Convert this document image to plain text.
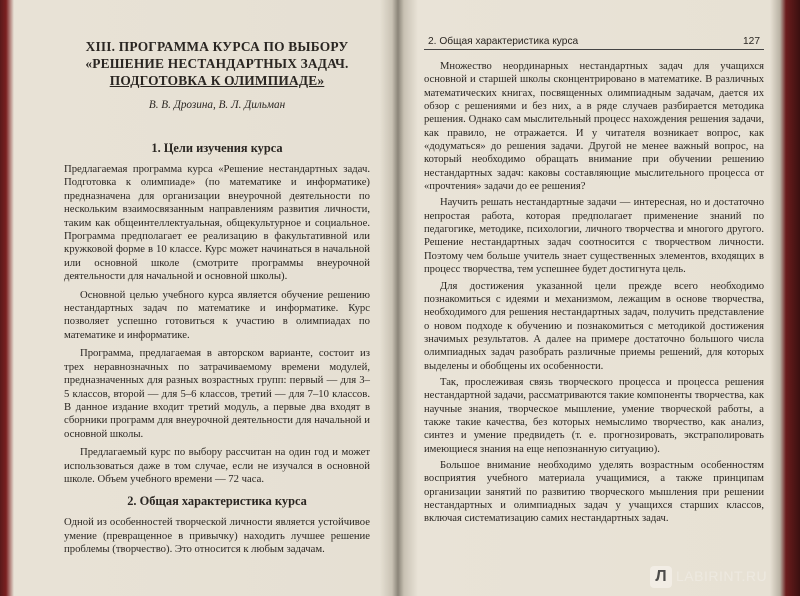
XIII. ПРОГРАММА КУРСА ПО ВЫБОРУ
«РЕШЕНИЕ НЕСТАНДАРТНЫХ ЗАДАЧ.
ПОДГОТОВКА К ОЛИМПИАДЕ»
В. В. Дрозина, В. Л. Дильман
1. Цели изучения курса

Предлагаемая программа курса «Решение нестандартных задач. Подготовка к олимпиаде» (по математике и информатике) предназначена для организации внеурочной деятельности по нескольким взаимосвязанным направлениям развития личности, таким как общеинтеллектуальная, общекультурное и социальное. Программа предполагает ее реализацию в факультативной или кружковой форме в 10 классе. Курс может начинаться в начальной или основной школе (смотрите программы внеурочной деятельности для начальной и основной школы).

Основной целью учебного курса является обучение решению нестандартных задач по математике и информатике. Курс позволяет успешно готовиться к участию в олимпиадах по математике и информатике.

Программа, предлагаемая в авторском варианте, состоит из трех неравнозначных по затрачиваемому времени модулей, предназначенных для разных возрастных групп: первый — для 3–5 классов, второй — для 5–6 классов, третий — для 7–10 классов. В данное издание входит третий модуль, а первые два входят в сборники программ для внеурочной деятельности для начальной и основной школы.

Предлагаемый курс по выбору рассчитан на один год и может использоваться даже в том случае, если не изучался в основной школе. Объем учебного времени — 72 часа.

2. Общая характеристика курса

Одной из особенностей творческой личности является устойчивое умение (превращенное в привычку) находить лучшее решение проблемы (творчество). Это относится к любым задачам.

2. Общая характеристика курса	127

Множество неординарных нестандартных задач для учащихся основной и старшей школы сконцентрировано в математике. В различных математических книгах, посвященных олимпиадным задачам, дается их обзор с решениями и без них, а в ряде случаев разбирается методика решения. Однако сам мыслительный процесс нахождения решения задачи, как правило, не отражается. И у читателя возникает вопрос, как «додуматься» до решения задачи. Другой не менее важный вопрос, на который необходимо обращать внимание при обучении решению нестандартных задач: каковы составляющие мыслительного процесса от «прочтения» задачи до ее решения?

Научить решать нестандартные задачи — интересная, но и достаточно непростая работа, которая предполагает применение знаний по педагогике, методике, психологии, личного творчества и многого другого. Решение нестандартных задач соотносится с творчеством личности. Поэтому чем больше учитель знает существенных элементов, входящих в процесс творчества, тем успешнее будет достигнута цель.

Для достижения указанной цели прежде всего необходимо познакомиться с идеями и механизмом, лежащим в основе творчества, необходимого для решения нестандартных задач, получить представление о новом подходе к обучению и познакомиться с методикой достижения значимых результатов. А далее на примере достаточно большого числа олимпиадных задач разобрать различные приемы решений, для которых выделены и обобщены их особенности.

Так, прослеживая связь творческого процесса и процесса решения нестандартной задачи, рассматриваются такие компоненты творчества, как научные знания, творческое мышление, умение творческой работы, а также такие качества, без которых немыслимо творчество, как анализ, синтез и умение предвидеть (т. е. прогнозировать, экстраполировать имеющиеся знания на еще непознанную ситуацию).

Большое внимание необходимо уделять возрастным особенностям восприятия учебного материала учащимися, а также принципам организации занятий по развитию творческого мышления при решении нестандартных и олимпиадных задач у учащихся старших классов, включая систематизацию самих нестандартных задач.

Л LABIRINT.RU
